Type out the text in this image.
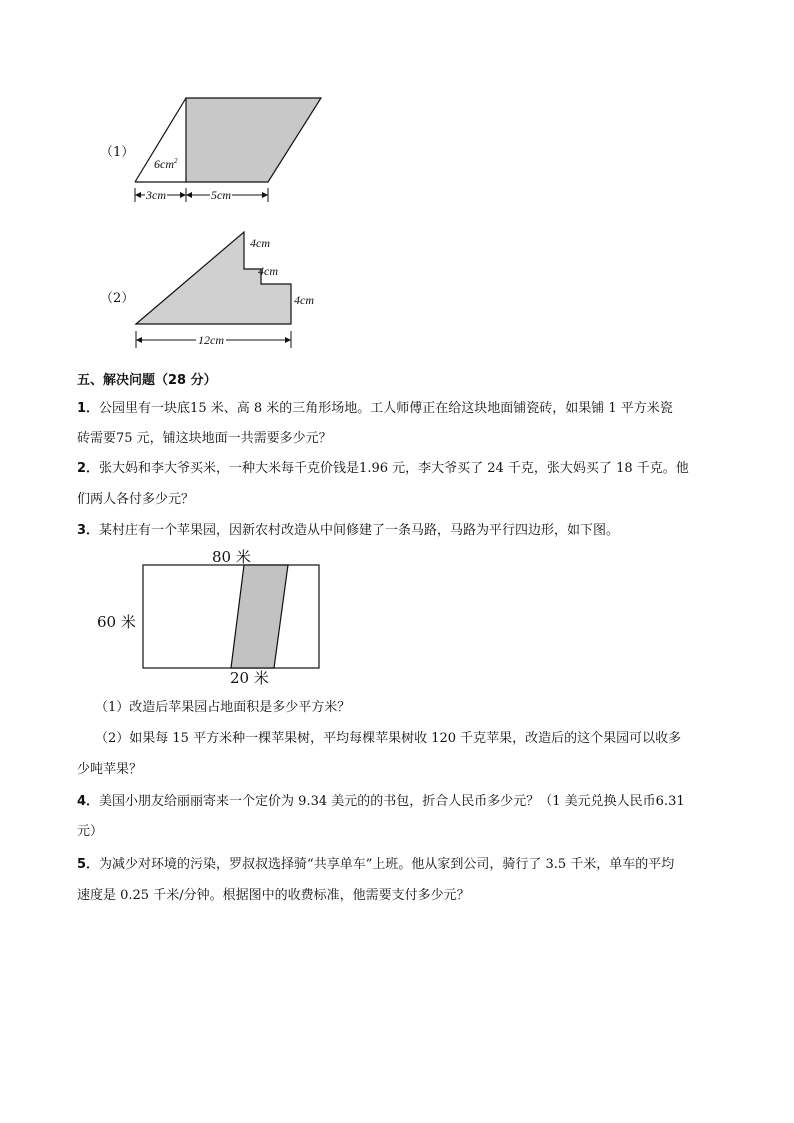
（1）
$6cm^2$
3cm	5cm
（2）
4cm
4cm
4cm
12cm
五、解决问题（28 分）
1．公园里有一块底15 米、高 8 米的三角形场地。工人师傅正在给这块地面铺瓷砖，如果铺 1 平方米瓷
砖需要75 元，铺这块地面一共需要多少元？
2．张大妈和李大爷买米，一种大米每千克价钱是1.96 元，李大爷买了 24 千克，张大妈买了 18 千克。他
们两人各付多少元？
3．某村庄有一个苹果园，因新农村改造从中间修建了一条马路，马路为平行四边形，如下图。
80 米
60 米
20 米
（1）改造后苹果园占地面积是多少平方米？
（2）如果每 15 平方米种一棵苹果树，平均每棵苹果树收 120 千克苹果，改造后的这个果园可以收多
少吨苹果？
4．美国小朋友给丽丽寄来一个定价为 9.34 美元的的书包，折合人民币多少元？（1 美元兑换人民币6.31
元）
5．为减少对环境的污染，罗叔叔选择骑“共享单车”上班。他从家到公司，骑行了 3.5 千米，单车的平均
速度是 0.25 千米/分钟。根据图中的收费标准，他需要支付多少元？
